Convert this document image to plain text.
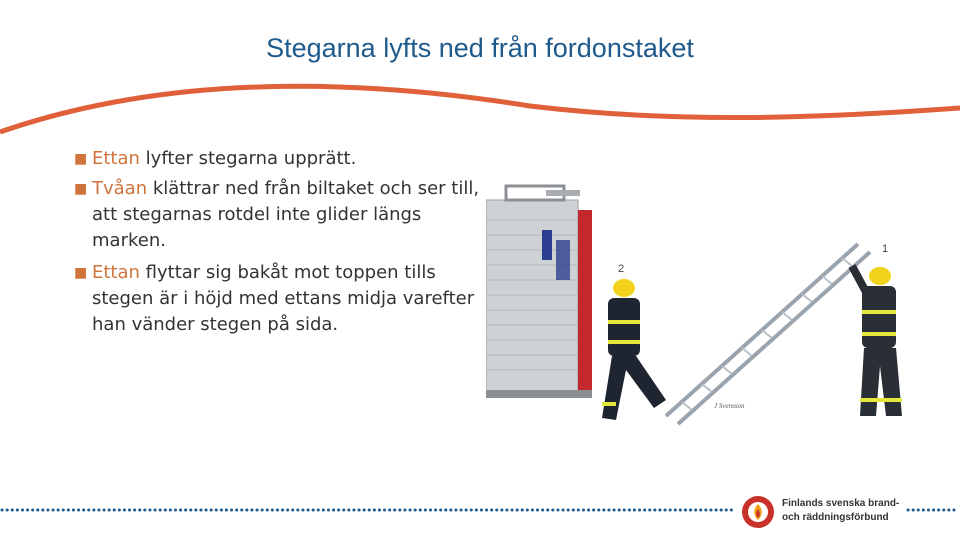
Stegarna lyfts ned från fordonstaket
■ Ettan lyfter stegarna upprätt.
■ Tvåan klättrar ned från biltaket och ser till, att stegarnas rotdel inte glider längs marken.
■ Ettan flyttar sig bakåt mot toppen tills stegen är i höjd med ettans midja varefter han vänder stegen på sida.
1
2
J Svensson
Finlands svenska brand-
och räddningsförbund
